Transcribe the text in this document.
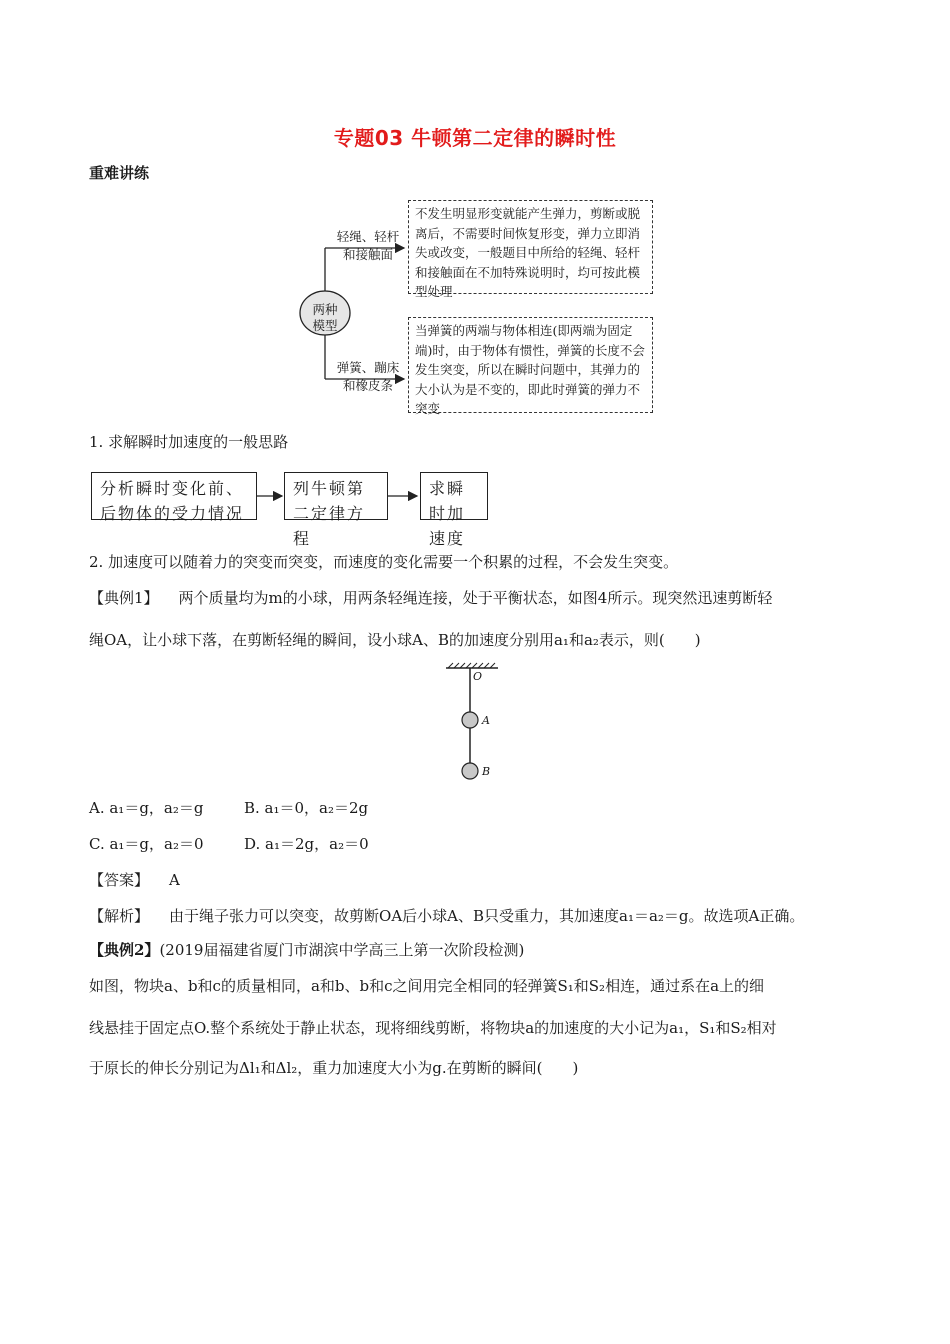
专题03 牛顿第二定律的瞬时性
重难讲练
两种
模型
轻绳、轻杆
和接触面
弹簧、蹦床
和橡皮条
不发生明显形变就能产生弹力，剪断或脱离后，不需要时间恢复形变，弹力立即消失或改变，一般题目中所给的轻绳、轻杆和接触面在不加特殊说明时，均可按此模型处理
当弹簧的两端与物体相连(即两端为固定端)时，由于物体有惯性，弹簧的长度不会发生突变，所以在瞬时问题中，其弹力的大小认为是不变的，即此时弹簧的弹力不突变
1. 求解瞬时加速度的一般思路
分析瞬时变化前、后物体的受力情况
列牛顿第二定律方程
求瞬时加速度
2. 加速度可以随着力的突变而突变，而速度的变化需要一个积累的过程，不会发生突变。
【典例1】 两个质量均为m的小球，用两条轻绳连接，处于平衡状态，如图4所示。现突然迅速剪断轻
绳OA，让小球下落，在剪断轻绳的瞬间，设小球A、B的加速度分别用a₁和a₂表示，则(　　)
O
A
B
A. a₁＝g，a₂＝g	B. a₁＝0，a₂＝2g
C. a₁＝g，a₂＝0	D. a₁＝2g，a₂＝0
【答案】 A
【解析】 由于绳子张力可以突变，故剪断OA后小球A、B只受重力，其加速度a₁＝a₂＝g。故选项A正确。
【典例2】(2019届福建省厦门市湖滨中学高三上第一次阶段检测)
如图，物块a、b和c的质量相同，a和b、b和c之间用完全相同的轻弹簧S₁和S₂相连，通过系在a上的细
线悬挂于固定点O.整个系统处于静止状态，现将细线剪断，将物块a的加速度的大小记为a₁，S₁和S₂相对
于原长的伸长分别记为Δl₁和Δl₂，重力加速度大小为g.在剪断的瞬间(　　)
